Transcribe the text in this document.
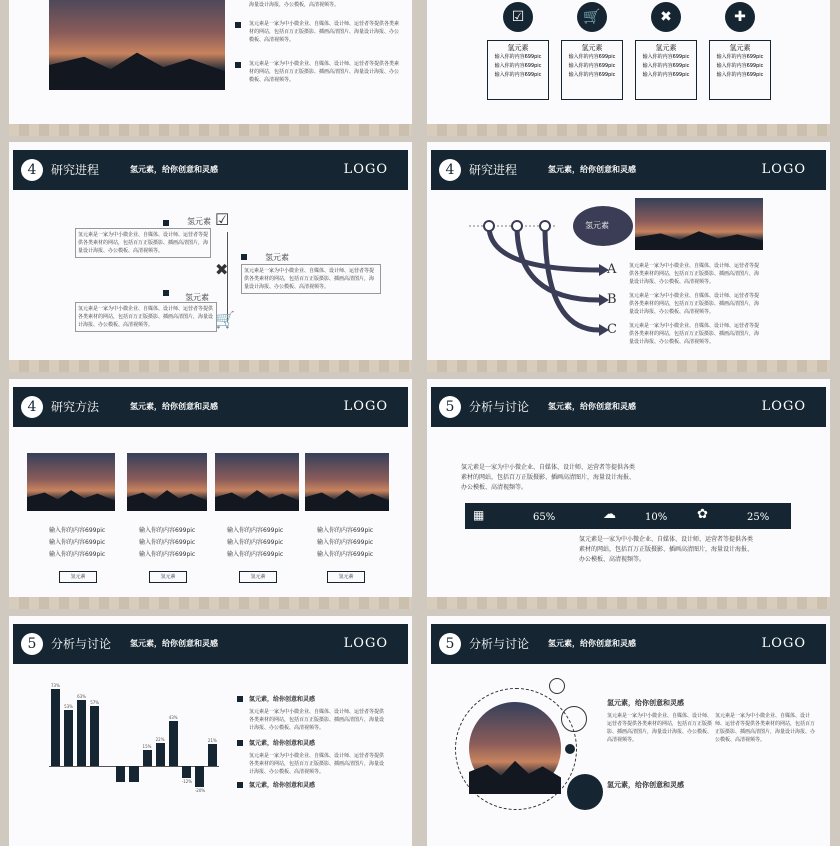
海量设计海报，办公模板，高清视频等。
氢元素是一家为中小微企业、自媒体、设计师、运营者等提供各类素材的网站，包括百万正版摄影、插画高清图片、海量设计海报、办公模板、高清视频等。
氢元素是一家为中小微企业、自媒体、设计师、运营者等提供各类素材的网站，包括百万正版摄影、插画高清图片、海量设计海报、办公模板、高清视频等。
☑
氢元素
输入你的内容699pic
输入你的内容699pic
输入你的内容699pic
🛒
氢元素
输入你的内容699pic
输入你的内容699pic
输入你的内容699pic
✖
氢元素
输入你的内容699pic
输入你的内容699pic
输入你的内容699pic
✚
氢元素
输入你的内容699pic
输入你的内容699pic
输入你的内容699pic
4	研究进程	氢元素，给你创意和灵感	LOGO
☑
✖
🛒
氢元素
氢元素是一家为中小微企业、自媒体、设计师、运营者等提供各类素材的网站，包括百万正版摄影、插画高清图片，海量设计海报、办公模板、高清视频等。
氢元素
氢元素是一家为中小微企业、自媒体、设计师、运营者等提供各类素材的网站，包括百万正版摄影、插画高清图片，海量设计海报、办公模板、高清视频等。
氢元素
氢元素是一家为中小微企业、自媒体、设计师、运营者等提供各类素材的网站，包括百万正版摄影、插画高清图片，海量设计海报、办公模板、高清视频等。
4	研究进程	氢元素，给你创意和灵感	LOGO
氢元素
A
B
C
氢元素是一家为中小微企业、自媒体、设计师、运营者等提供各类素材的网站，包括百万正版摄影、插画高清图片，海量设计海报、办公模板、高清视频等。
氢元素是一家为中小微企业、自媒体、设计师、运营者等提供各类素材的网站，包括百万正版摄影、插画高清图片，海量设计海报、办公模板、高清视频等。
氢元素是一家为中小微企业、自媒体、设计师、运营者等提供各类素材的网站，包括百万正版摄影、插画高清图片，海量设计海报、办公模板、高清视频等。
4	研究方法	氢元素，给你创意和灵感	LOGO
输入你的内容699pic
输入你的内容699pic
输入你的内容699pic
输入你的内容699pic
输入你的内容699pic
输入你的内容699pic
输入你的内容699pic
输入你的内容699pic
输入你的内容699pic
输入你的内容699pic
输入你的内容699pic
输入你的内容699pic
氢元素	氢元素	氢元素	氢元素
5	分析与讨论 氢元素，给你创意和灵感	LOGO
氢元素是一家为中小微企业、自媒体、设计师、运营者等提供各类素材的网站，包括百万正版摄影、插画高清图片，海量设计海报、办公模板、高清视频等。
▦	65%	☁	10% ✿	25%
氢元素是一家为中小微企业、自媒体、设计师、运营者等提供各类素材的网站，包括百万正版摄影、插画高清图片，海量设计海报、办公模板、高清视频等。
5	分析与讨论 氢元素，给你创意和灵感	LOGO
73%
53%
63%
57%
15%
22%
43%
-12%
-20%
21%
氢元素，给你创意和灵感
氢元素是一家为中小微企业、自媒体、设计师、运营者等提供各类素材的网站，包括百万正版摄影、插画高清图片，海量设计海报、办公模板、高清视频等。
氢元素，给你创意和灵感
氢元素是一家为中小微企业、自媒体、设计师、运营者等提供各类素材的网站，包括百万正版摄影、插画高清图片，海量设计海报、办公模板、高清视频等。
氢元素，给你创意和灵感
5	分析与讨论 氢元素，给你创意和灵感	LOGO
氢元素，给你创意和灵感
氢元素是一家为中小微企业、自媒体、设计师、运营者等提供各类素材的网站，包括百万正版摄影、插画高清图片，海量设计海报、办公模板、高清视频等。
氢元素是一家为中小微企业、自媒体、设计师、运营者等提供各类素材的网站，包括百万正版摄影、插画高清图片，海量设计海报、办公模板、高清视频等。
氢元素，给你创意和灵感
